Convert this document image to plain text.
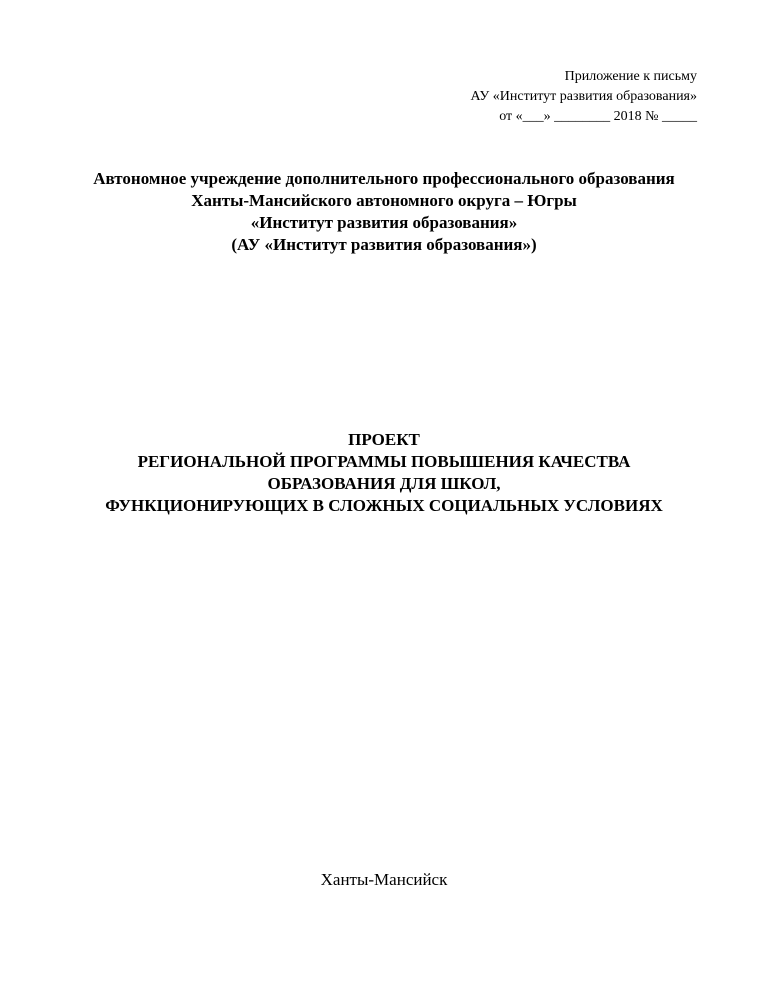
Приложение к письму
АУ «Институт развития образования»
от «___» ________ 2018 № _____
Автономное учреждение дополнительного профессионального образования
Ханты-Мансийского автономного округа – Югры
«Институт развития образования»
(АУ «Институт развития образования»)
ПРОЕКТ
РЕГИОНАЛЬНОЙ ПРОГРАММЫ ПОВЫШЕНИЯ КАЧЕСТВА
ОБРАЗОВАНИЯ ДЛЯ ШКОЛ,
ФУНКЦИОНИРУЮЩИХ В СЛОЖНЫХ СОЦИАЛЬНЫХ УСЛОВИЯХ
Ханты-Мансийск
